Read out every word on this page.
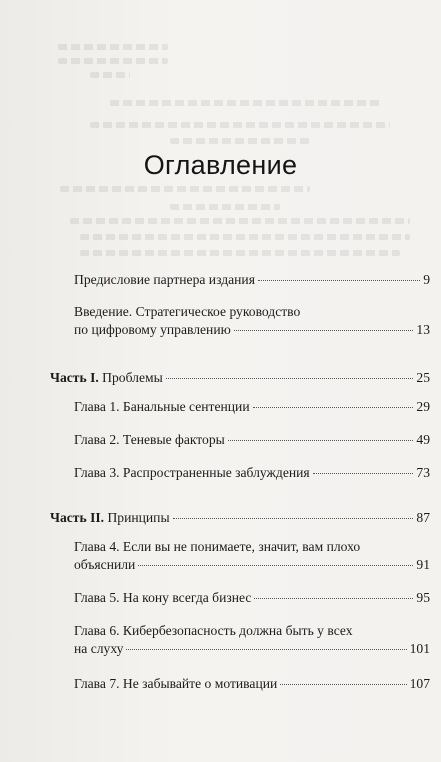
Оглавление
Предисловие партнера издания	9
Введение. Стратегическое руководство
по цифровому управлению	13
Часть I. Проблемы	25
Глава 1. Банальные сентенции	29
Глава 2. Теневые факторы	49
Глава 3. Распространенные заблуждения	73
Часть II. Принципы	87
Глава 4. Если вы не понимаете, значит, вам плохо
объяснили	91
Глава 5. На кону всегда бизнес	95
Глава 6. Кибербезопасность должна быть у всех
на слуху	101
Глава 7. Не забывайте о мотивации	107
